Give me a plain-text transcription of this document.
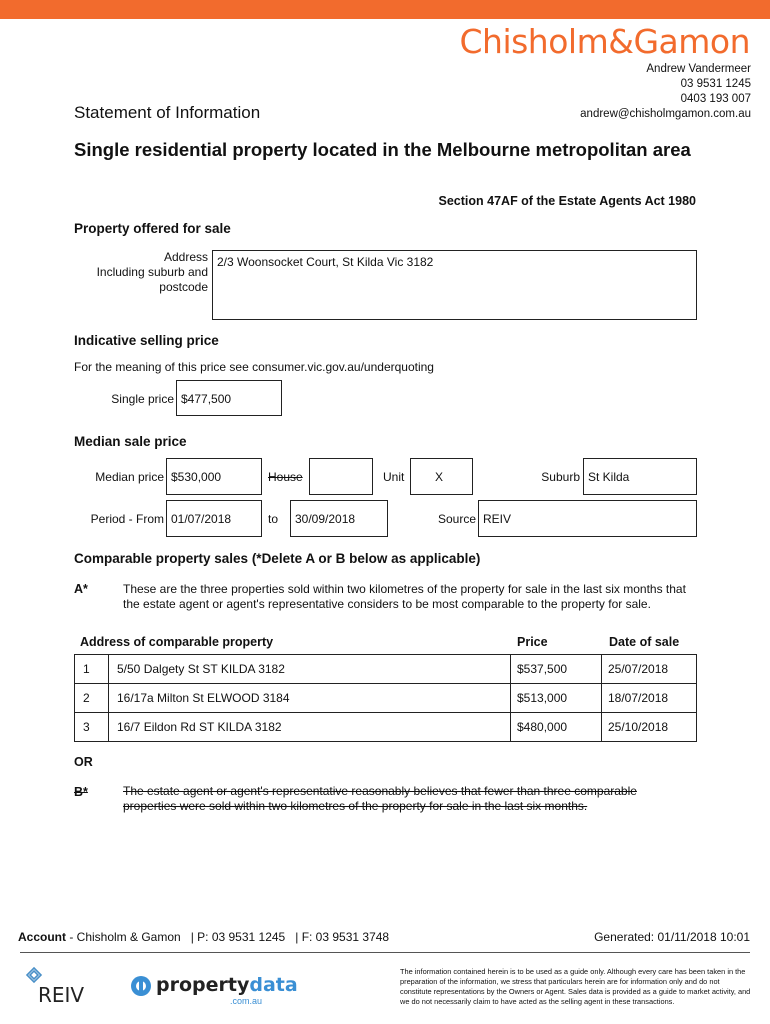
Chisholm&Gamon
Andrew Vandermeer
03 9531 1245
0403 193 007
andrew@chisholmgamon.com.au
Statement of Information
Single residential property located in the Melbourne metropolitan area
Section 47AF of the Estate Agents Act 1980
Property offered for sale
Address
Including suburb and
postcode
2/3 Woonsocket Court, St Kilda Vic 3182
Indicative selling price
For the meaning of this price see consumer.vic.gov.au/underquoting
Single price $477,500
Median sale price
Median price $530,000	House	Unit	X	Suburb St Kilda
Period - From 01/07/2018	to	30/09/2018	Source REIV
Comparable property sales (*Delete A or B below as applicable)
A*	These are the three properties sold within two kilometres of the property for sale in the last six months that the estate agent or agent's representative considers to be most comparable to the property for sale.
Address of comparable property	Price	Date of sale
1	5/50 Dalgety St ST KILDA 3182	$537,500	25/07/2018
2	16/17a Milton St ELWOOD 3184	$513,000	18/07/2018
3	16/7 Eildon Rd ST KILDA 3182	$480,000	25/10/2018
OR
B*	The estate agent or agent's representative reasonably believes that fewer than three comparable properties were sold within two kilometres of the property for sale in the last six months.
Account - Chisholm & Gamon   | P: 03 9531 1245   | F: 03 9531 3748	Generated: 01/11/2018 10:01
REIV	propertydata
.com.au
The information contained herein is to be used as a guide only. Although every care has been taken in the preparation of the information, we stress that particulars herein are for information only and do not constitute representations by the Owners or Agent. Sales data is provided as a guide to market activity, and we do not necessarily claim to have acted as the selling agent in these transactions.
